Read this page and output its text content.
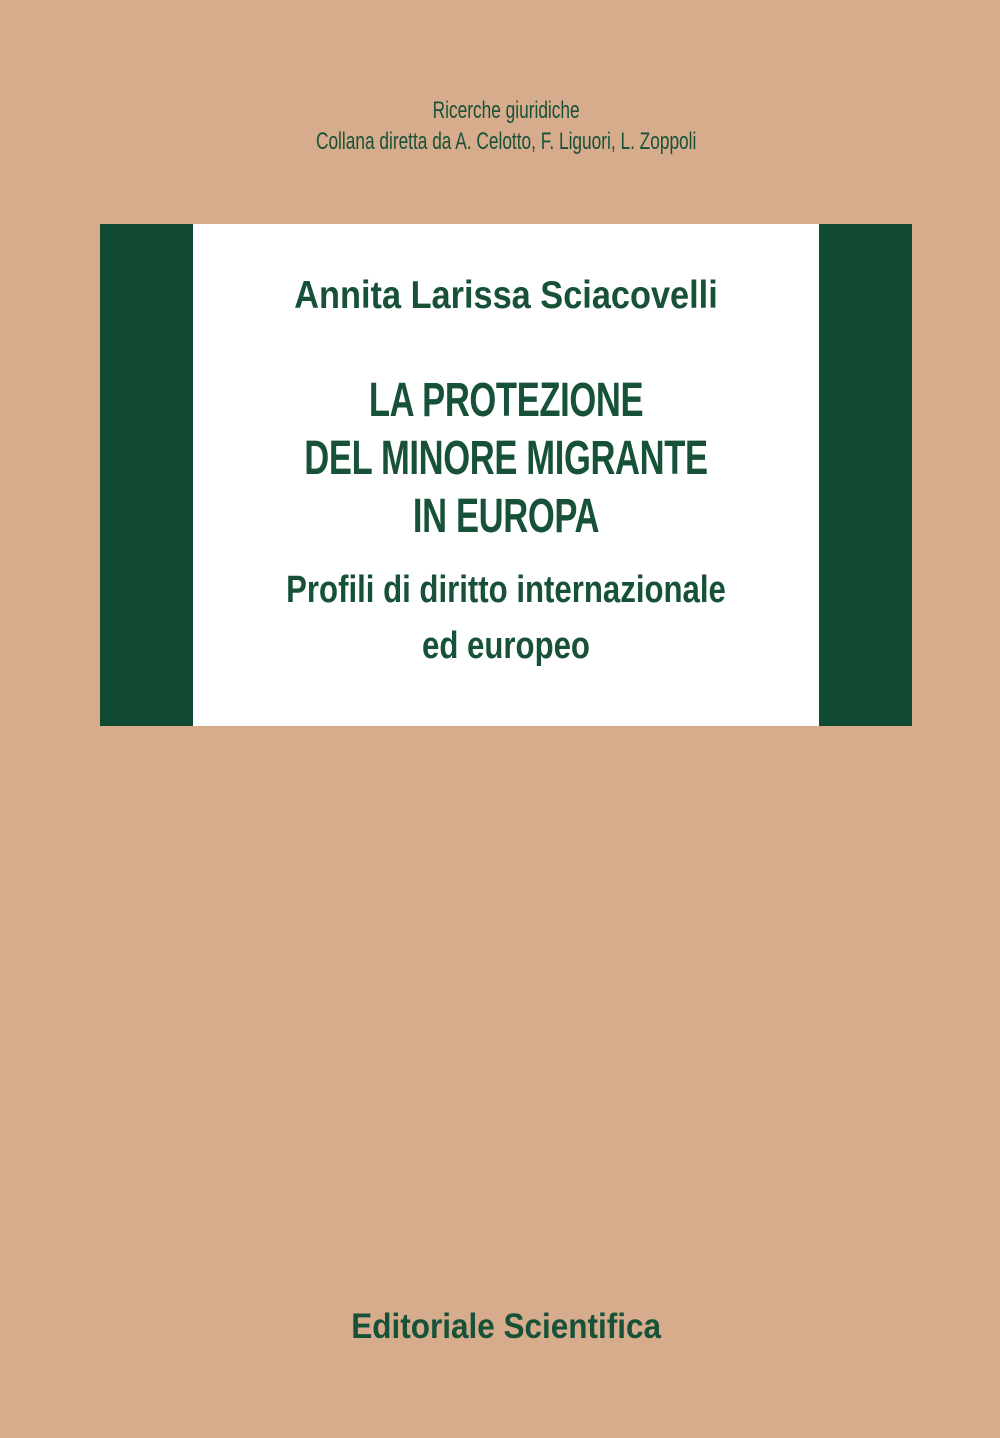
Ricerche giuridiche
Collana diretta da A. Celotto, F. Liguori, L. Zoppoli
Annita Larissa Sciacovelli
LA PROTEZIONE
DEL MINORE MIGRANTE
IN EUROPA
Profili di diritto internazionale
ed europeo
Editoriale Scientifica
